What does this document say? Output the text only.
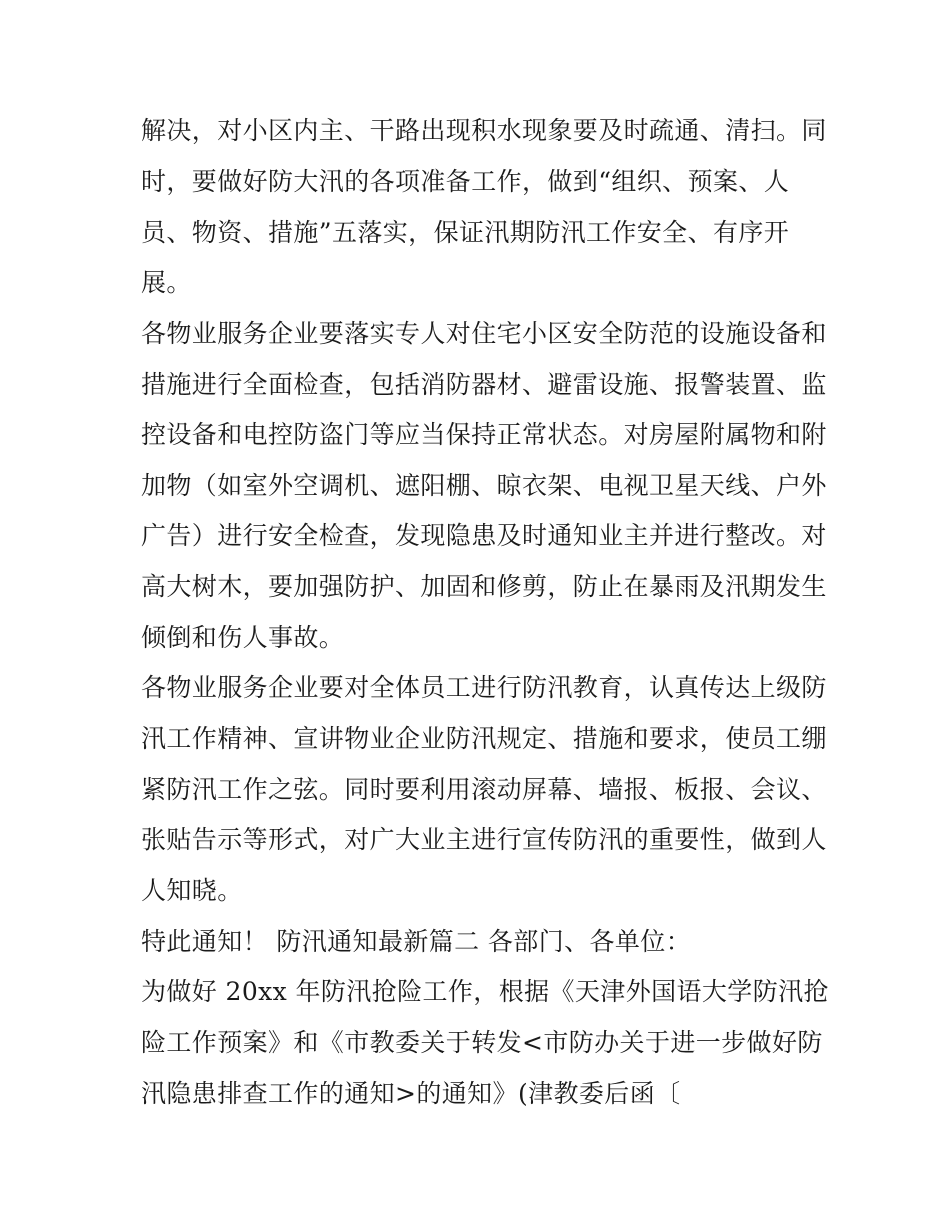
解决，对小区内主、干路出现积水现象要及时疏通、清扫。同
时，要做好防大汛的各项准备工作，做到“组织、预案、人
员、物资、措施”五落实，保证汛期防汛工作安全、有序开
展。
各物业服务企业要落实专人对住宅小区安全防范的设施设备和
措施进行全面检查，包括消防器材、避雷设施、报警装置、监
控设备和电控防盗门等应当保持正常状态。对房屋附属物和附
加物（如室外空调机、遮阳棚、晾衣架、电视卫星天线、户外
广告）进行安全检查，发现隐患及时通知业主并进行整改。对
高大树木，要加强防护、加固和修剪，防止在暴雨及汛期发生
倾倒和伤人事故。
各物业服务企业要对全体员工进行防汛教育，认真传达上级防
汛工作精神、宣讲物业企业防汛规定、措施和要求，使员工绷
紧防汛工作之弦。同时要利用滚动屏幕、墙报、板报、会议、
张贴告示等形式，对广大业主进行宣传防汛的重要性，做到人
人知晓。
特此通知！ 防汛通知最新篇二 各部门、各单位：
为做好 20xx 年防汛抢险工作，根据《天津外国语大学防汛抢
险工作预案》和《市教委关于转发<市防办关于进一步做好防
汛隐患排查工作的通知>的通知》(津教委后函〔
